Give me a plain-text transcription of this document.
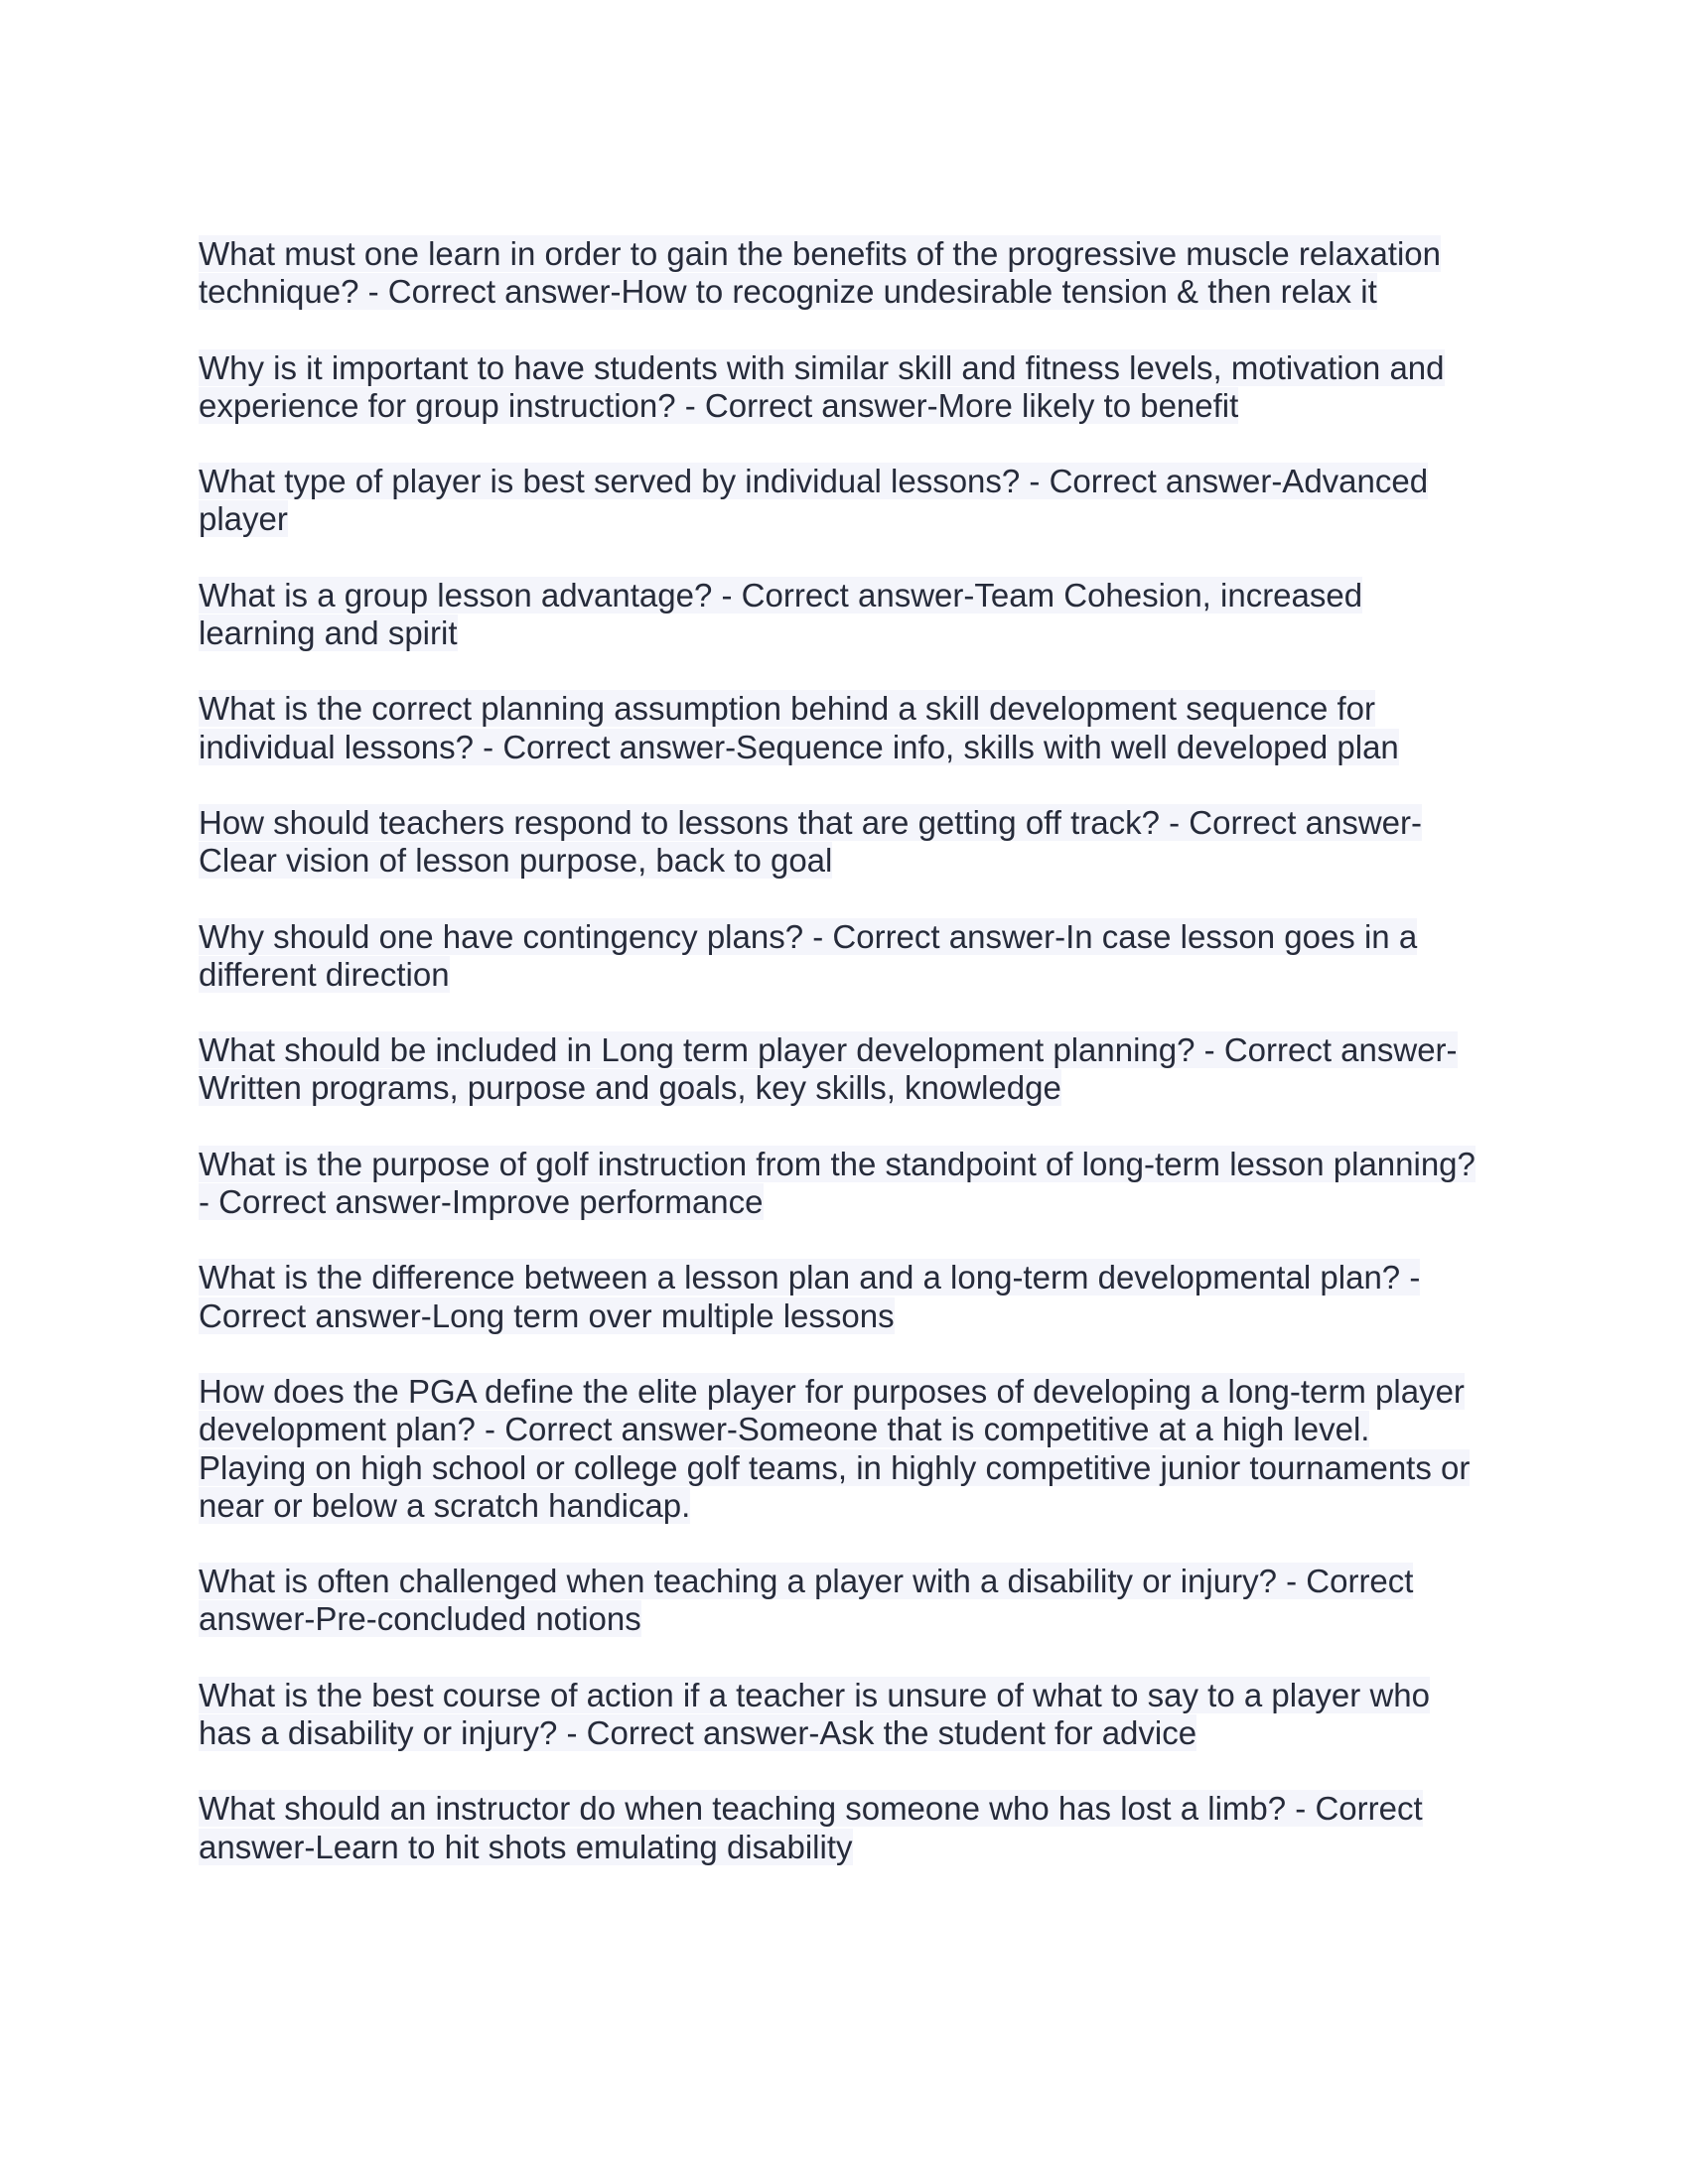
What must one learn in order to gain the benefits of the progressive muscle relaxation
technique? - Correct answer-How to recognize undesirable tension & then relax it
Why is it important to have students with similar skill and fitness levels, motivation and
experience for group instruction? - Correct answer-More likely to benefit
What type of player is best served by individual lessons? - Correct answer-Advanced
player
What is a group lesson advantage? - Correct answer-Team Cohesion, increased
learning and spirit
What is the correct planning assumption behind a skill development sequence for
individual lessons? - Correct answer-Sequence info, skills with well developed plan
How should teachers respond to lessons that are getting off track? - Correct answer-
Clear vision of lesson purpose, back to goal
Why should one have contingency plans? - Correct answer-In case lesson goes in a
different direction
What should be included in Long term player development planning? - Correct answer-
Written programs, purpose and goals, key skills, knowledge
What is the purpose of golf instruction from the standpoint of long-term lesson planning?
- Correct answer-Improve performance
What is the difference between a lesson plan and a long-term developmental plan? -
Correct answer-Long term over multiple lessons
How does the PGA define the elite player for purposes of developing a long-term player
development plan? - Correct answer-Someone that is competitive at a high level.
Playing on high school or college golf teams, in highly competitive junior tournaments or
near or below a scratch handicap.
What is often challenged when teaching a player with a disability or injury? - Correct
answer-Pre-concluded notions
What is the best course of action if a teacher is unsure of what to say to a player who
has a disability or injury? - Correct answer-Ask the student for advice
What should an instructor do when teaching someone who has lost a limb? - Correct
answer-Learn to hit shots emulating disability
